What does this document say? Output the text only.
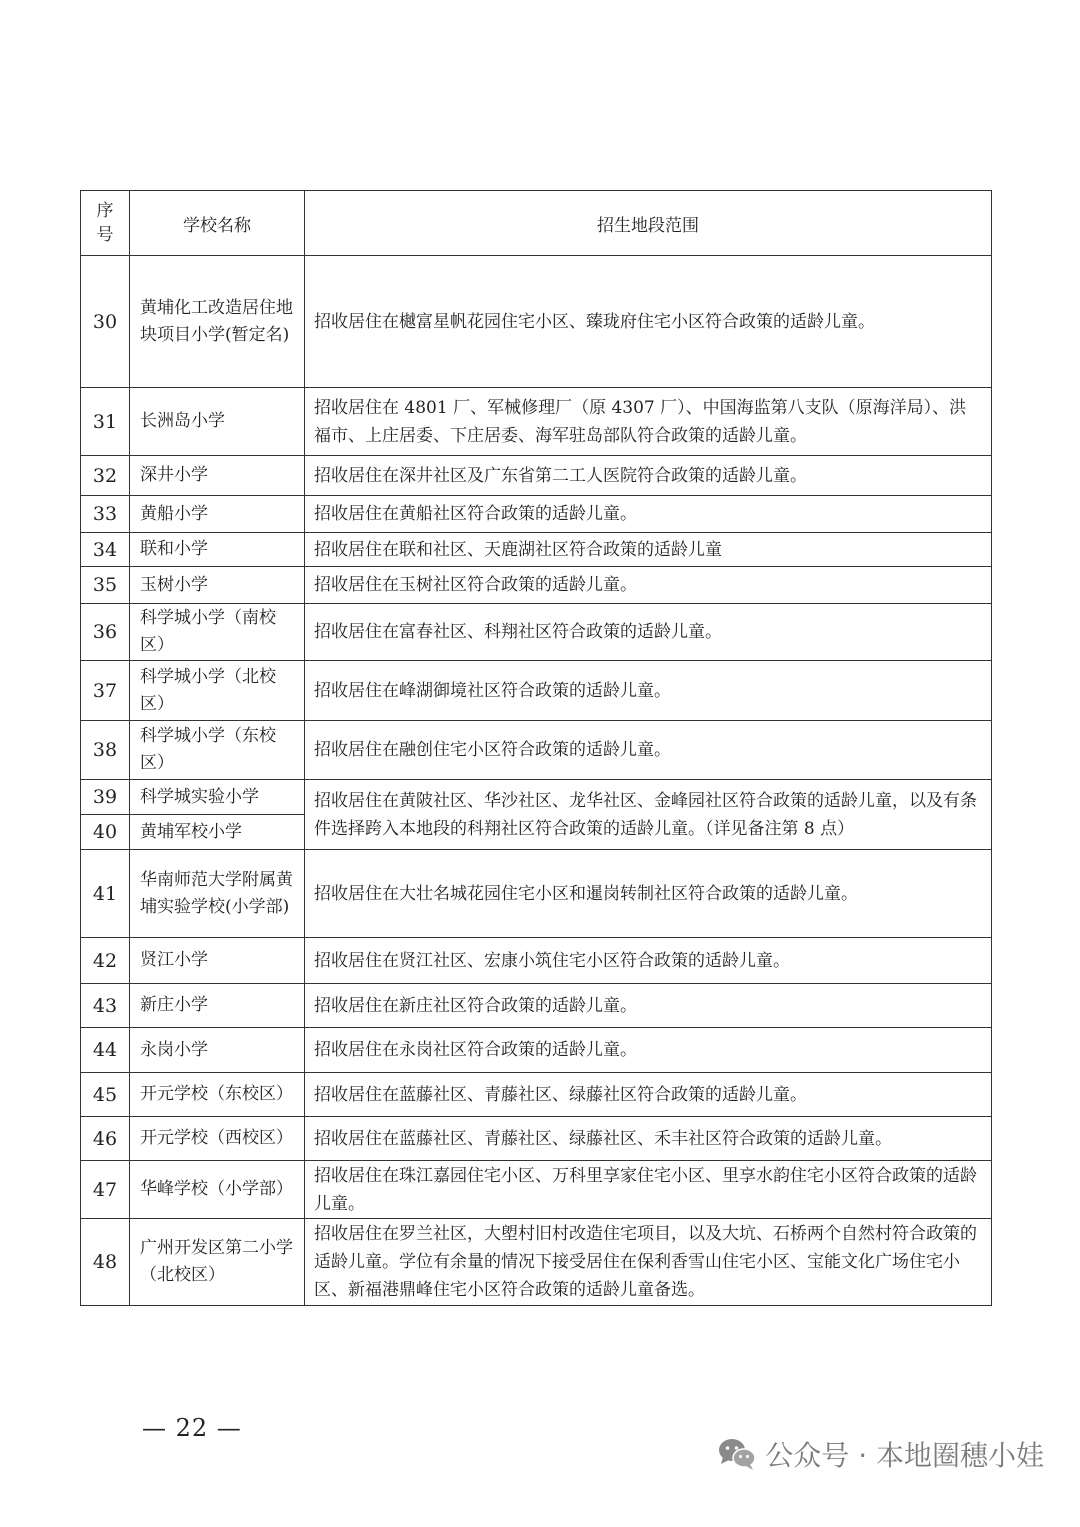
序号	学校名称	招生地段范围
30	黄埔化工改造居住地块项目小学(暂定名)	招收居住在樾富星帆花园住宅小区、臻珑府住宅小区符合政策的适龄儿童。
31	长洲岛小学	招收居住在 4801 厂、军械修理厂（原 4307 厂）、中国海监第八支队（原海洋局）、洪福市、上庄居委、下庄居委、海军驻岛部队符合政策的适龄儿童。
32	深井小学	招收居住在深井社区及广东省第二工人医院符合政策的适龄儿童。
33	黄船小学	招收居住在黄船社区符合政策的适龄儿童。
34	联和小学	招收居住在联和社区、天鹿湖社区符合政策的适龄儿童
35	玉树小学	招收居住在玉树社区符合政策的适龄儿童。
36	科学城小学（南校区）	招收居住在富春社区、科翔社区符合政策的适龄儿童。
37	科学城小学（北校区）	招收居住在峰湖御境社区符合政策的适龄儿童。
38	科学城小学（东校区）	招收居住在融创住宅小区符合政策的适龄儿童。
39	科学城实验小学	招收居住在黄陂社区、华沙社区、龙华社区、金峰园社区符合政策的适龄儿童，以及有条件选择跨入本地段的科翔社区符合政策的适龄儿童。（详见备注第 8 点）
40	黄埔军校小学	
41	华南师范大学附属黄埔实验学校(小学部)	招收居住在大壮名城花园住宅小区和暹岗转制社区符合政策的适龄儿童。
42	贤江小学	招收居住在贤江社区、宏康小筑住宅小区符合政策的适龄儿童。
43	新庄小学	招收居住在新庄社区符合政策的适龄儿童。
44	永岗小学	招收居住在永岗社区符合政策的适龄儿童。
45	开元学校（东校区）	招收居住在蓝藤社区、青藤社区、绿藤社区符合政策的适龄儿童。
46	开元学校（西校区）	招收居住在蓝藤社区、青藤社区、绿藤社区、禾丰社区符合政策的适龄儿童。
47	华峰学校（小学部）	招收居住在珠江嘉园住宅小区、万科里享家住宅小区、里享水韵住宅小区符合政策的适龄儿童。
48	广州开发区第二小学（北校区）	招收居住在罗兰社区，大塱村旧村改造住宅项目，以及大坑、石桥两个自然村符合政策的适龄儿童。学位有余量的情况下接受居住在保利香雪山住宅小区、宝能文化广场住宅小区、新福港鼎峰住宅小区符合政策的适龄儿童备选。
— 22 —
公众号 · 本地圈穗小娃
